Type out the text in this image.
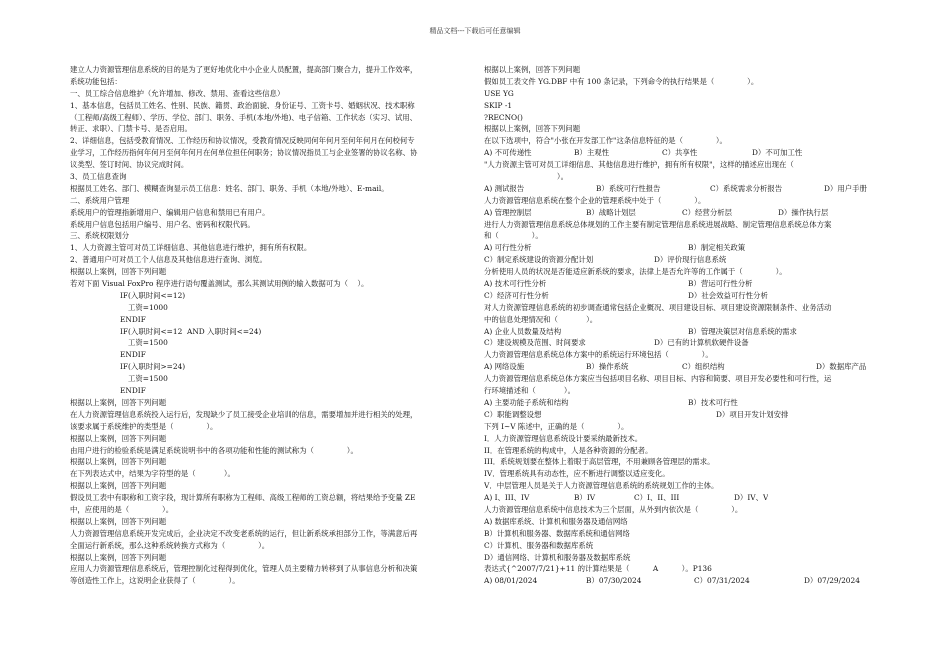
精品文档---下载后可任意编辑
建立人力资源管理信息系统的目的是为了更好地优化中小企业人员配置，提高部门聚合力，提升工作效率，
系统功能包括：
一、员工综合信息维护（允许增加、修改、禁用、查看这些信息）
1、基本信息，包括员工姓名、性别、民族、籍贯、政治面貌、身份证号、工资卡号、婚姻状况、技术职称
（工程师/高级工程师）、学历、学位、部门、职务、手机(本地/外地)、电子信箱、工作状态（实习、试用、
转正、求职）、门禁卡号、是否启用。
2、详细信息，包括受教育情况、工作经历和协议情况，受教育情况反映同何年何月至何年何月在何校何专
业学习，工作经历指何年何月至何年何月在何单位担任何职务；协议情况指员工与企业签署的协议名称、协
议类型、签订时间、协议完成时间。
3、员工信息查询
根据员工姓名、部门、模糊查询显示员工信息：姓名、部门、职务、手机（本地/外地）、E-mail。
二、系统用户管理
系统用户的管理指新增用户、编辑用户信息和禁用已有用户。
系统用户信息包括用户编号、用户名、密码和权限代码。
三、系统权限划分
1、人力资源主管可对员工详细信息、其他信息进行维护，拥有所有权限。
2、普通用户可对员工个人信息及其他信息进行查询、浏览。
根据以上案例，回答下列问题
若对下面 Visual FoxPro 程序进行语句覆盖测试，那么其测试用例的输入数据可为（    ）。
IF(入职时间<=12)
工资=1000
ENDIF
IF(入职时间<=12  AND 入职时间<=24)
工资=1500
ENDIF
IF(入职时间>=24)
工资=1500
ENDIF
根据以上案例，回答下列问题
在人力资源管理信息系统投入运行后，发现缺少了员工接受企业培训的信息，需要增加并进行相关的处理，
该要求属于系统维护的类型是（              ）。
根据以上案例，回答下列问题
由用户进行的检验系统是满足系统说明书中的各项功能和性能的测试称为（              ）。
根据以上案例，回答下列问题
在下列表达式中，结果为字符型的是（            ）。
根据以上案例，回答下列问题
假设员工表中有职称和工资字段，现计算所有职称为工程师、高级工程师的工资总额，将结果给予变量 ZE
中，应使用的是（              ）。
根据以上案例，回答下列问题
人力资源管理信息系统开发完成后，企业决定不改变老系统的运行，但让新系统承担部分工作，等满意后再
全面运行新系统，那么这种系统转换方式称为（              ）。
根据以上案例，回答下列问题
应用人力资源管理信息系统后，管理控制化过程得到优化，管理人员主要精力转移到了从事信息分析和决策
等创造性工作上，这说明企业获得了（              ）。
根据以上案例，回答下列问题
假如员工表文件 YG.DBF 中有 100 条记录，下列命令的执行结果是（              ）。
USE YG
SKIP -1
?RECNO()
根据以上案例，回答下列问题
在以下选项中，符合"小张在开发部工作"这条信息特征的是（              ）。
A) 不可传递性	B）主观性	C）共享性	D）不可加工性
"人力资源主管可对员工详细信息、其他信息进行维护，拥有所有权限"，这样的描述应出现在（
）。
A) 测试报告	B）系统可行性报告	C）系统需求分析报告	D）用户手册
人力资源管理信息系统在整个企业的管理系统中处于（              ）。
A) 管理控制层	B）战略计划层	C）经营分析层	D）操作执行层
进行人力资源管理信息系统总体规划的工作主要有制定管理信息系统进展战略、制定管理信息系统总体方案
和（              ）。
A) 可行性分析	B）制定相关政策
C）制定系统建设的资源分配计划	D）评价现行信息系统
分析使用人员的状况是否能适应新系统的要求，法律上是否允许等的工作属于（              ）。
A) 技术可行性分析	B）营运可行性分析
C）经济可行性分析	D）社会效益可行性分析
对人力资源管理信息系统的初步调查通常包括企业概况、项目建设目标、项目建设资源限制条件、业务活动
中的信息处理情况和（            ）。
A) 企业人员数量及结构	B）管理决策层对信息系统的需求
C）建设规模及范围、时间要求	D）已有的计算机软硬件设备
人力资源管理信息系统总体方案中的系统运行环境包括（              ）。
A) 网络设施	B）操作系统	C）组织结构	D）数据库产品
人力资源管理信息系统总体方案应当包括项目名称、项目目标、内容和简要、项目开发必要性和可行性，运
行环境描述和（            ）。
A) 主要功能子系统和结构	B）技术可行性
C）职能调整设想	D）项目开发计划安排
下列 I~V 陈述中，正确的是（              ）。
I．人力资源管理信息系统设计要采纳最新技术。
II．在管理系统的构成中，人是各种资源的分配者。
III．系统规划要在整体上着眼于高层管理，不用兼顾各管理层的需求。
IV．管理系统具有动态性，应不断进行调整以适应变化。
V．中层管理人员是关于人力资源管理信息系统的系统规划工作的主体。
A) I、III、IV	B）IV	C）I、II、III	D）IV、V
人力资源管理信息系统中信息技术为三个层面，从外到内依次是（              ）。
A) 数据库系统、计算机和服务器及通信网络
B）计算机和服务器、数据库系统和通信网络
C）计算机、服务器和数据库系统
D）通信网络、计算机和服务器及数据库系统
表达式{^2007/7/21}+11 的计算结果是（          A          ）。P136
A) 08/01/2024	B）07/30/2024	C）07/31/2024	D）07/29/2024
